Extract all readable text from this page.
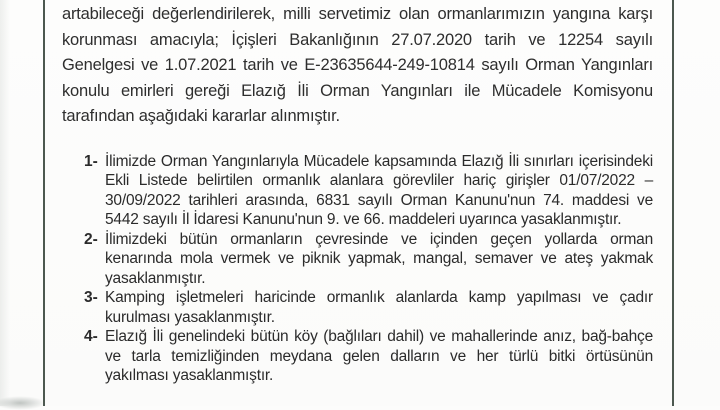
artabileceği değerlendirilerek, milli servetimiz olan ormanlarımızın yangına karşı korunması amacıyla; İçişleri Bakanlığının 27.07.2020 tarih ve 12254 sayılı Genelgesi ve 1.07.2021 tarih ve E-23635644-249-10814 sayılı Orman Yangınları konulu emirleri gereği Elazığ İli Orman Yangınları ile Mücadele Komisyonu tarafından aşağıdaki kararlar alınmıştır.
1- İlimizde Orman Yangınlarıyla Mücadele kapsamında Elazığ İli sınırları içerisindeki Ekli Listede belirtilen ormanlık alanlara görevliler hariç girişler 01/07/2022 – 30/09/2022 tarihleri arasında, 6831 sayılı Orman Kanunu'nun 74. maddesi ve 5442 sayılı İl İdaresi Kanunu'nun 9. ve 66. maddeleri uyarınca yasaklanmıştır.
2- İlimizdeki bütün ormanların çevresinde ve içinden geçen yollarda orman kenarında mola vermek ve piknik yapmak, mangal, semaver ve ateş yakmak yasaklanmıştır.
3- Kamping işletmeleri haricinde ormanlık alanlarda kamp yapılması ve çadır kurulması yasaklanmıştır.
4- Elazığ İli genelindeki bütün köy (bağlıları dahil) ve mahallerinde anız, bağ-bahçe ve tarla temizliğinden meydana gelen dalların ve her türlü bitki örtüsünün yakılması yasaklanmıştır.
